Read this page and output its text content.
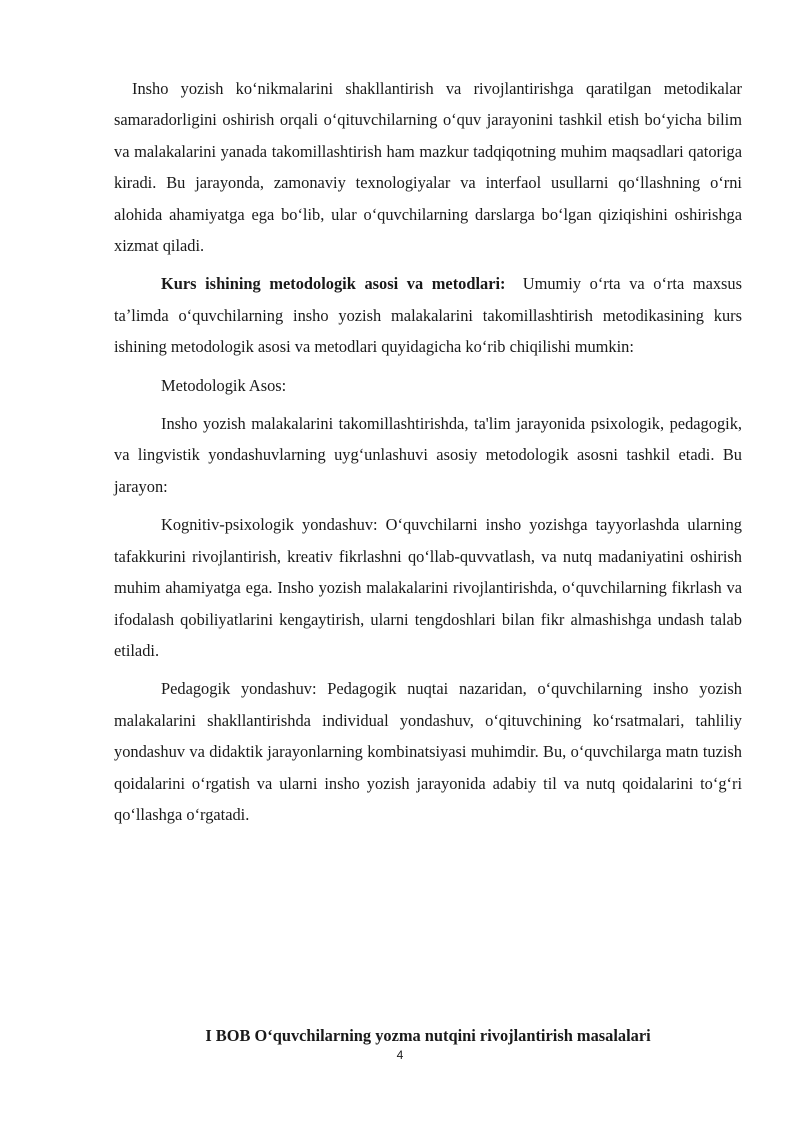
Insho yozish koʻnikmalarini shakllantirish va rivojlantirishga qaratilgan metodikalar samaradorligini oshirish orqali oʻqituvchilarning oʻquv jarayonini tashkil etish boʻyicha bilim va malakalarini yanada takomillashtirish ham mazkur tadqiqotning muhim maqsadlari qatoriga kiradi. Bu jarayonda, zamonaviy texnologiyalar va interfaol usullarni qoʻllashning oʻrni alohida ahamiyatga ega boʻlib, ular oʻquvchilarning darslarga boʻlgan qiziqishini oshirishga xizmat qiladi.

Kurs ishining metodologik asosi va metodlari:  Umumiy oʻrta va oʻrta maxsus taʼlimda oʻquvchilarning insho yozish malakalarini takomillashtirish metodikasining kurs ishining metodologik asosi va metodlari quyidagicha koʻrib chiqilishi mumkin:

Metodologik Asos:

Insho yozish malakalarini takomillashtirishda, ta'lim jarayonida psixologik, pedagogik, va lingvistik yondashuvlarning uygʻunlashuvi asosiy metodologik asosni tashkil etadi. Bu jarayon:

Kognitiv-psixologik yondashuv: Oʻquvchilarni insho yozishga tayyorlashda ularning tafakkurini rivojlantirish, kreativ fikrlashni qoʻllab-quvvatlash, va nutq madaniyatini oshirish muhim ahamiyatga ega. Insho yozish malakalarini rivojlantirishda, oʻquvchilarning fikrlash va ifodalash qobiliyatlarini kengaytirish, ularni tengdoshlari bilan fikr almashishga undash talab etiladi.

Pedagogik yondashuv: Pedagogik nuqtai nazaridan, oʻquvchilarning insho yozish malakalarini shakllantirishda individual yondashuv, oʻqituvchining koʻrsatmalari, tahliliy yondashuv va didaktik jarayonlarning kombinatsiyasi muhimdir. Bu, oʻquvchilarga matn tuzish qoidalarini oʻrgatish va ularni insho yozish jarayonida adabiy til va nutq qoidalarini toʻgʻri qoʻllashga oʻrgatadi.

I BOB Oʻquvchilarning yozma nutqini rivojlantirish masalalari

4
